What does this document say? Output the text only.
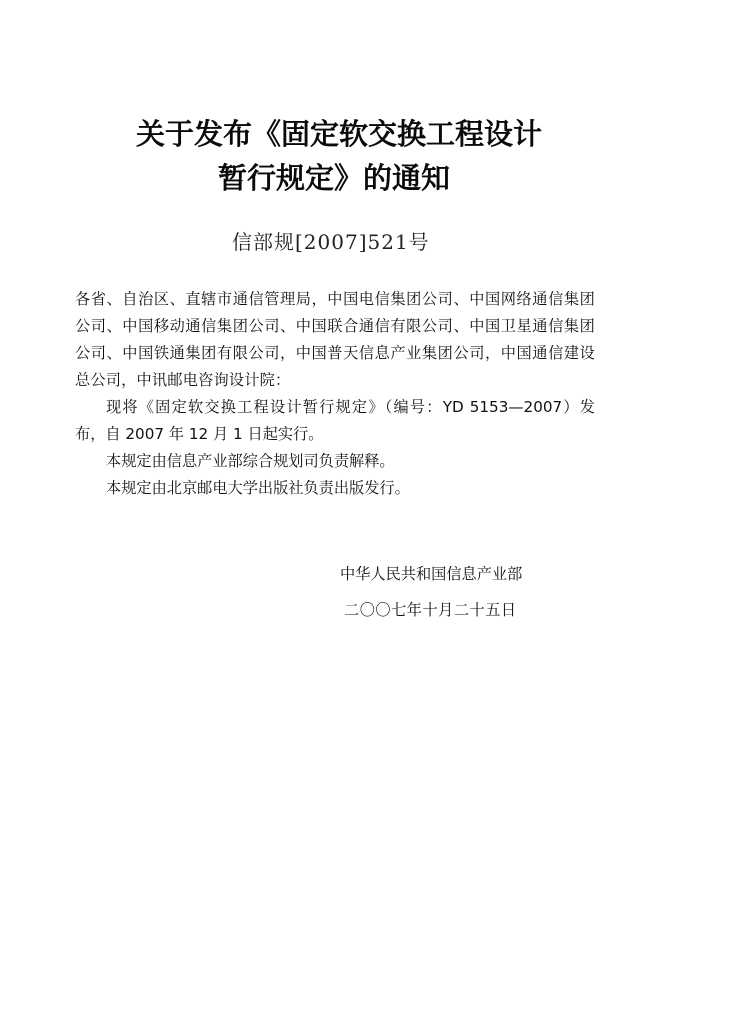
关于发布《固定软交换工程设计
暂行规定》的通知
信部规[2007]521号

各省、自治区、直辖市通信管理局，中国电信集团公司、中国网络通信集团公司、中国移动通信集团公司、中国联合通信有限公司、中国卫星通信集团公司、中国铁通集团有限公司，中国普天信息产业集团公司，中国通信建设总公司，中讯邮电咨询设计院：

现将《固定软交换工程设计暂行规定》（编号：YD 5153—2007）发布，自 2007 年 12 月 1 日起实行。

本规定由信息产业部综合规划司负责解释。

本规定由北京邮电大学出版社负责出版发行。

中华人民共和国信息产业部
二〇〇七年十月二十五日
